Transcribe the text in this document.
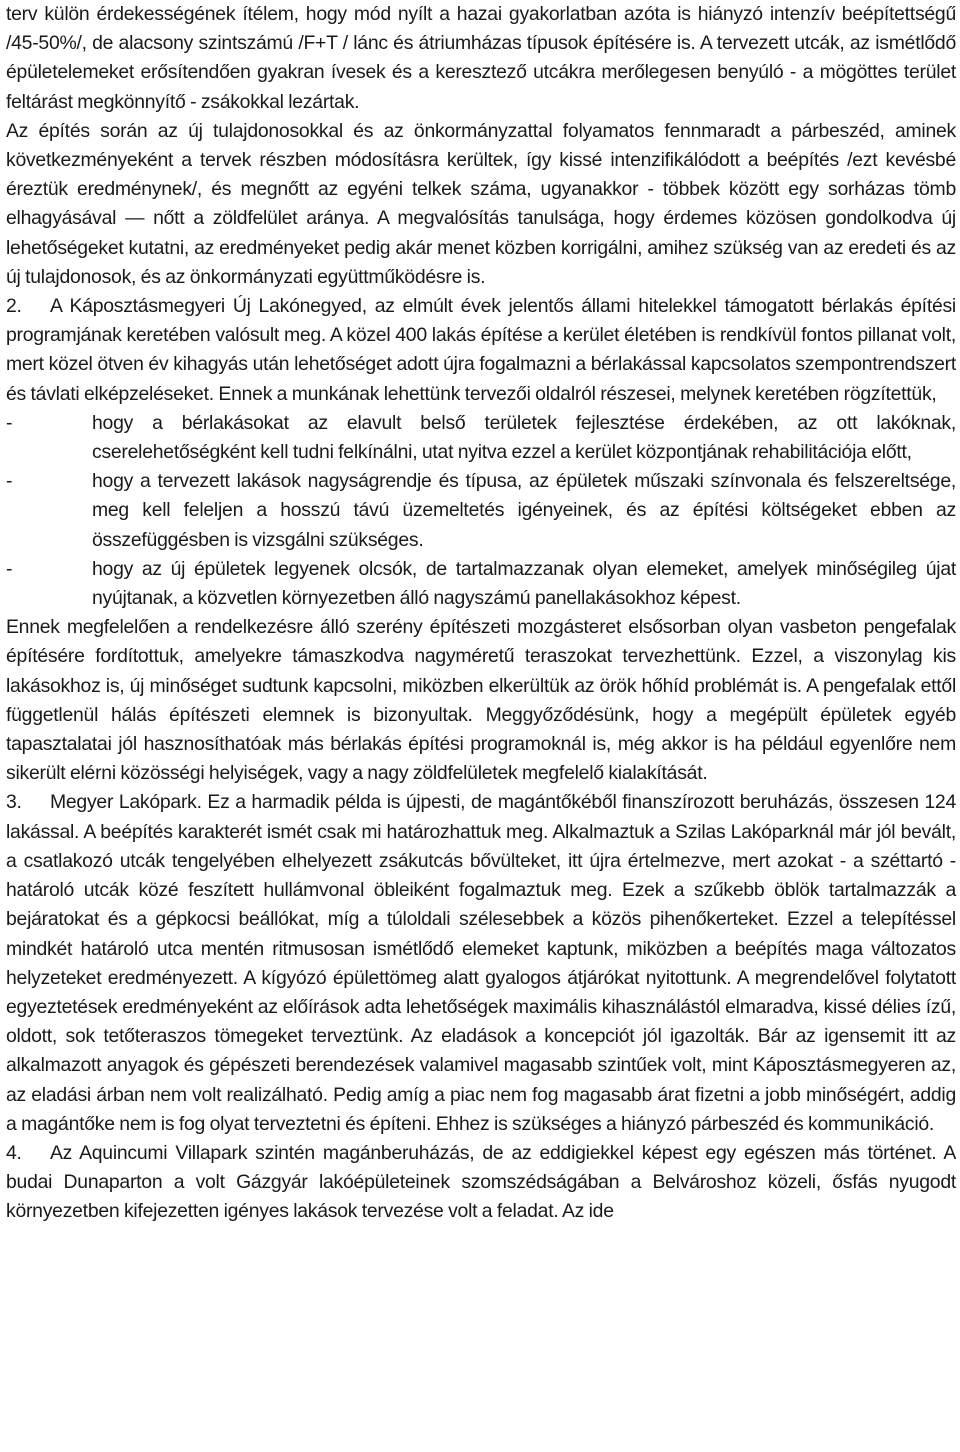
terv külön érdekességének ítélem, hogy mód nyílt a hazai gyakorlatban azóta is hiányzó intenzív beépítettségű /45-50%/, de alacsony szintszámú /F+T / lánc és átriumházas típusok építésére is. A tervezett utcák, az ismétlődő épületelemeket erősítendően gyakran ívesek és a keresztező utcákra merőlegesen benyúló - a mögöttes terület feltárást megkönnyítő - zsákokkal lezártak.

Az építés során az új tulajdonosokkal és az önkormányzattal folyamatos fennmaradt a párbeszéd, aminek következményeként a tervek részben módosításra kerültek, így kissé intenzifikálódott a beépítés /ezt kevésbé éreztük eredménynek/, és megnőtt az egyéni telkek száma, ugyanakkor - többek között egy sorházas tömb elhagyásával — nőtt a zöldfelület aránya. A megvalósítás tanulsága, hogy érdemes közösen gondolkodva új lehetőségeket kutatni, az eredményeket pedig akár menet közben korrigálni, amihez szükség van az eredeti és az új tulajdonosok, és az önkormányzati együttműködésre is.

2. A Káposztásmegyeri Új Lakónegyed, az elmúlt évek jelentős állami hitelekkel támogatott bérlakás építési programjának keretében valósult meg. A közel 400 lakás építése a kerület életében is rendkívül fontos pillanat volt, mert közel ötven év kihagyás után lehetőséget adott újra fogalmazni a bérlakással kapcsolatos szempontrendszert és távlati elképzeléseket. Ennek a munkának lehettünk tervezői oldalról részesei, melynek keretében rögzítettük,

-	hogy a bérlakásokat az elavult belső területek fejlesztése érdekében, az ott lakóknak, cserelehetőségként kell tudni felkínálni, utat nyitva ezzel a kerület központjának rehabilitációja előtt,

-	hogy a tervezett lakások nagyságrendje és típusa, az épületek műszaki színvonala és felszereltsége, meg kell feleljen a hosszú távú üzemeltetés igényeinek, és az építési költségeket ebben az összefüggésben is vizsgálni szükséges.

-	hogy az új épületek legyenek olcsók, de tartalmazzanak olyan elemeket, amelyek minőségileg újat nyújtanak, a közvetlen környezetben álló nagyszámú panellakásokhoz képest.

Ennek megfelelően a rendelkezésre álló szerény építészeti mozgásteret elsősorban olyan vasbeton pengefalak építésére fordítottuk, amelyekre támaszkodva nagyméretű teraszokat tervezhettünk. Ezzel, a viszonylag kis lakásokhoz is, új minőséget sudtunk kapcsolni, miközben elkerültük az örök hőhíd problémát is. A pengefalak ettől függetlenül hálás építészeti elemnek is bizonyultak. Meggyőződésünk, hogy a megépült épületek egyéb tapasztalatai jól hasznosíthatóak más bérlakás építési programoknál is, még akkor is ha például egyenlőre nem sikerült elérni közösségi helyiségek, vagy a nagy zöldfelületek megfelelő kialakítását.

3. Megyer Lakópark. Ez a harmadik példa is újpesti, de magántőkéből finanszírozott beruházás, összesen 124 lakással. A beépítés karakterét ismét csak mi határozhattuk meg. Alkalmaztuk a Szilas Lakóparknál már jól bevált, a csatlakozó utcák tengelyében elhelyezett zsákutcás bővülteket, itt újra értelmezve, mert azokat - a széttartó - határoló utcák közé feszített hullámvonal öbleiként fogalmaztuk meg. Ezek a szűkebb öblök tartalmazzák a bejáratokat és a gépkocsi beállókat, míg a túloldali szélesebbek a közös pihenőkerteket. Ezzel a telepítéssel mindkét határoló utca mentén ritmusosan ismétlődő elemeket kaptunk, miközben a beépítés maga változatos helyzeteket eredményezett. A kígyózó épülettömeg alatt gyalogos átjárókat nyitottunk. A megrendelővel folytatott egyeztetések eredményeként az előírások adta lehetőségek maximális kihasználástól elmaradva, kissé délies ízű, oldott, sok tetőteraszos tömegeket terveztünk. Az eladások a koncepciót jól igazolták. Bár az igensemit itt az alkalmazott anyagok és gépészeti berendezések valamivel magasabb szintűek volt, mint Káposztásmegyeren az, az eladási árban nem volt realizálható. Pedig amíg a piac nem fog magasabb árat fizetni a jobb minőségért, addig a magántőke nem is fog olyat terveztetni és építeni. Ehhez is szükséges a hiányzó párbeszéd és kommunikáció.

4. Az Aquincumi Villapark szintén magánberuházás, de az eddigiekkel képest egy egészen más történet. A budai Dunaparton a volt Gázgyár lakóépületeinek szomszédságában a Belvároshoz közeli, ősfás nyugodt környezetben kifejezetten igényes lakások tervezése volt a feladat. Az ide
